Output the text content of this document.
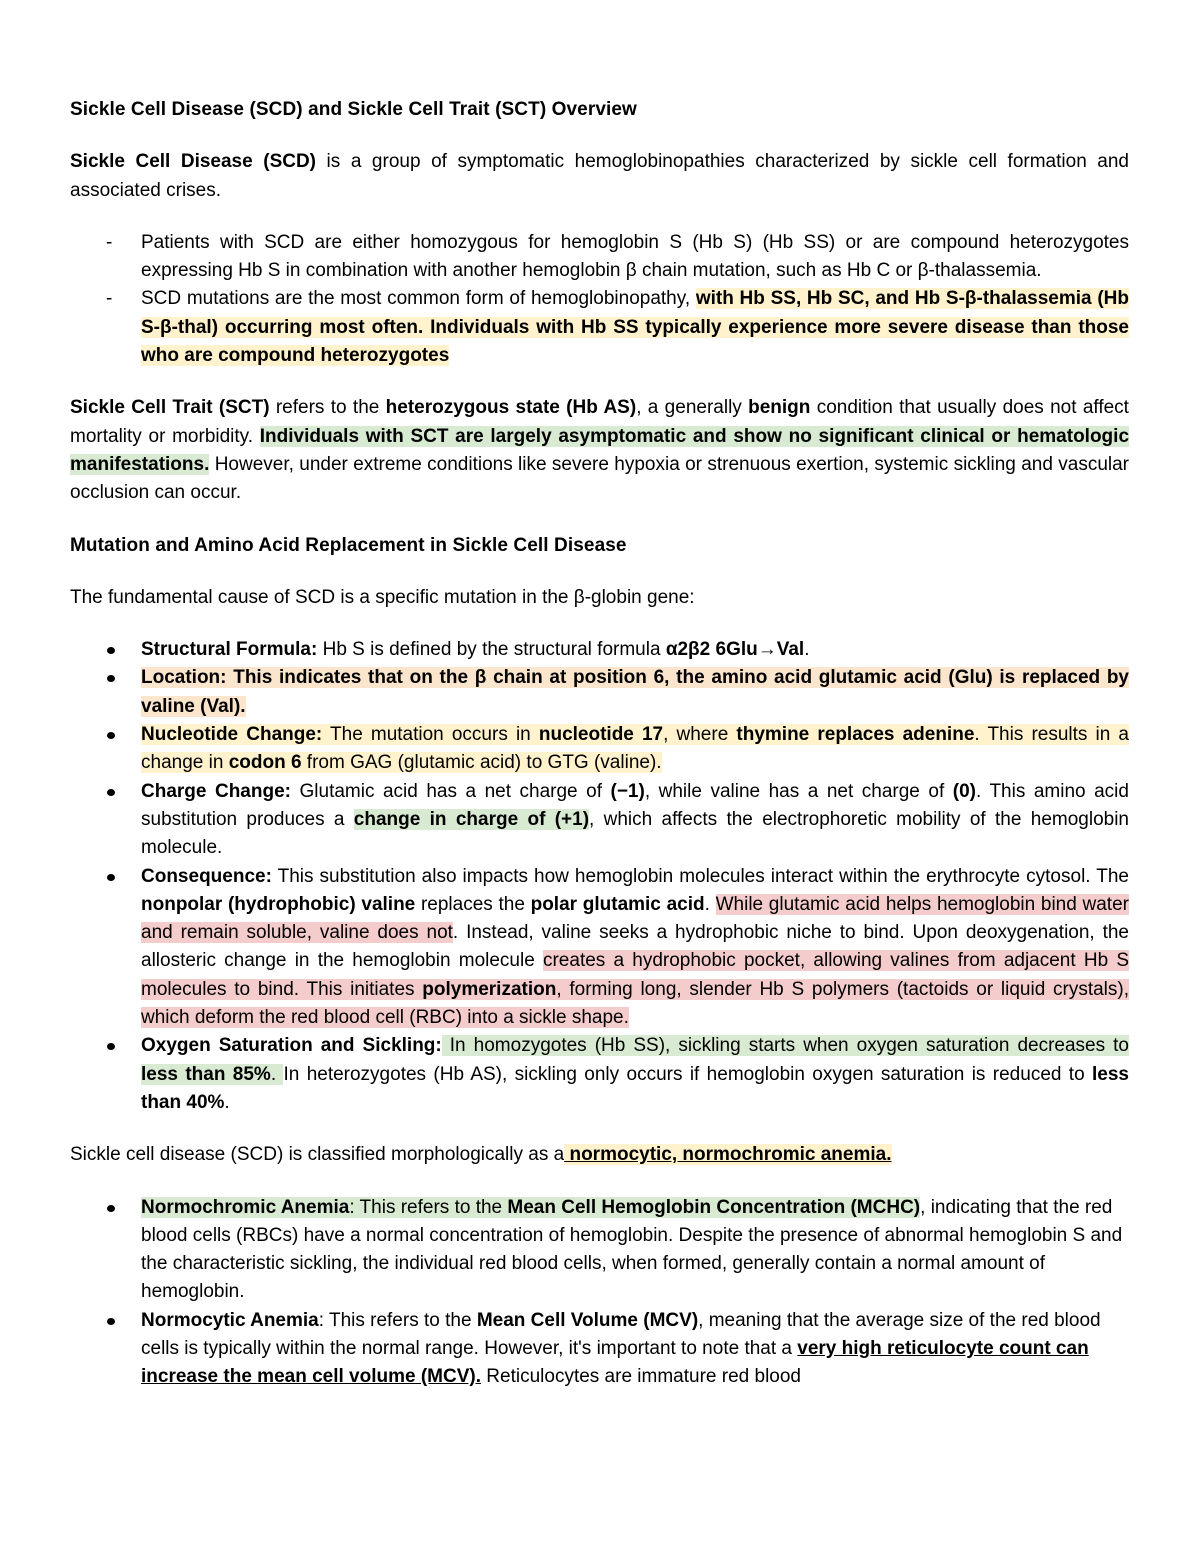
Sickle Cell Disease (SCD) and Sickle Cell Trait (SCT) Overview

Sickle Cell Disease (SCD) is a group of symptomatic hemoglobinopathies characterized by sickle cell formation and associated crises.

- Patients with SCD are either homozygous for hemoglobin S (Hb S) (Hb SS) or are compound heterozygotes expressing Hb S in combination with another hemoglobin β chain mutation, such as Hb C or β-thalassemia.
- SCD mutations are the most common form of hemoglobinopathy, with Hb SS, Hb SC, and Hb S-β-thalassemia (Hb S-β-thal) occurring most often. Individuals with Hb SS typically experience more severe disease than those who are compound heterozygotes

Sickle Cell Trait (SCT) refers to the heterozygous state (Hb AS), a generally benign condition that usually does not affect mortality or morbidity. Individuals with SCT are largely asymptomatic and show no significant clinical or hematologic manifestations. However, under extreme conditions like severe hypoxia or strenuous exertion, systemic sickling and vascular occlusion can occur.

Mutation and Amino Acid Replacement in Sickle Cell Disease

The fundamental cause of SCD is a specific mutation in the β-globin gene:

Structural Formula: Hb S is defined by the structural formula α2β2 6Glu→Val.
Location: This indicates that on the β chain at position 6, the amino acid glutamic acid (Glu) is replaced by valine (Val).
Nucleotide Change: The mutation occurs in nucleotide 17, where thymine replaces adenine. This results in a change in codon 6 from GAG (glutamic acid) to GTG (valine).
Charge Change: Glutamic acid has a net charge of (−1), while valine has a net charge of (0). This amino acid substitution produces a change in charge of (+1), which affects the electrophoretic mobility of the hemoglobin molecule.
Consequence: This substitution also impacts how hemoglobin molecules interact within the erythrocyte cytosol. The nonpolar (hydrophobic) valine replaces the polar glutamic acid. While glutamic acid helps hemoglobin bind water and remain soluble, valine does not. Instead, valine seeks a hydrophobic niche to bind. Upon deoxygenation, the allosteric change in the hemoglobin molecule creates a hydrophobic pocket, allowing valines from adjacent Hb S molecules to bind. This initiates polymerization, forming long, slender Hb S polymers (tactoids or liquid crystals), which deform the red blood cell (RBC) into a sickle shape.
Oxygen Saturation and Sickling: In homozygotes (Hb SS), sickling starts when oxygen saturation decreases to less than 85%. In heterozygotes (Hb AS), sickling only occurs if hemoglobin oxygen saturation is reduced to less than 40%.

Sickle cell disease (SCD) is classified morphologically as a normocytic, normochromic anemia.

Normochromic Anemia: This refers to the Mean Cell Hemoglobin Concentration (MCHC), indicating that the red blood cells (RBCs) have a normal concentration of hemoglobin. Despite the presence of abnormal hemoglobin S and the characteristic sickling, the individual red blood cells, when formed, generally contain a normal amount of hemoglobin.
Normocytic Anemia: This refers to the Mean Cell Volume (MCV), meaning that the average size of the red blood cells is typically within the normal range. However, it's important to note that a very high reticulocyte count can increase the mean cell volume (MCV). Reticulocytes are immature red blood
